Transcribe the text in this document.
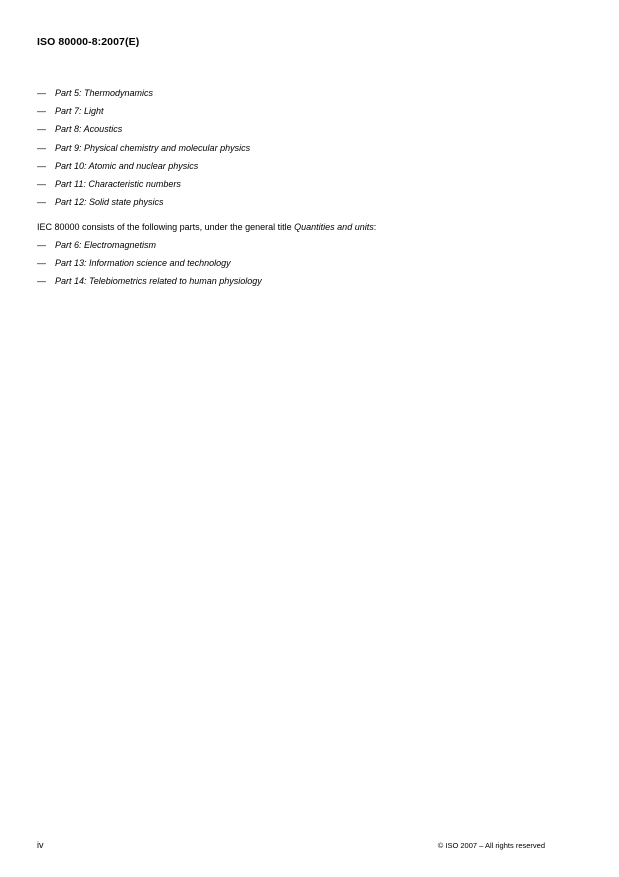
ISO 80000-8:2007(E)
— Part 5: Thermodynamics
— Part 7: Light
— Part 8: Acoustics
— Part 9: Physical chemistry and molecular physics
— Part 10: Atomic and nuclear physics
— Part 11: Characteristic numbers
— Part 12: Solid state physics
IEC 80000 consists of the following parts, under the general title Quantities and units:
— Part 6: Electromagnetism
— Part 13: Information science and technology
— Part 14: Telebiometrics related to human physiology
iv	© ISO 2007 – All rights reserved
